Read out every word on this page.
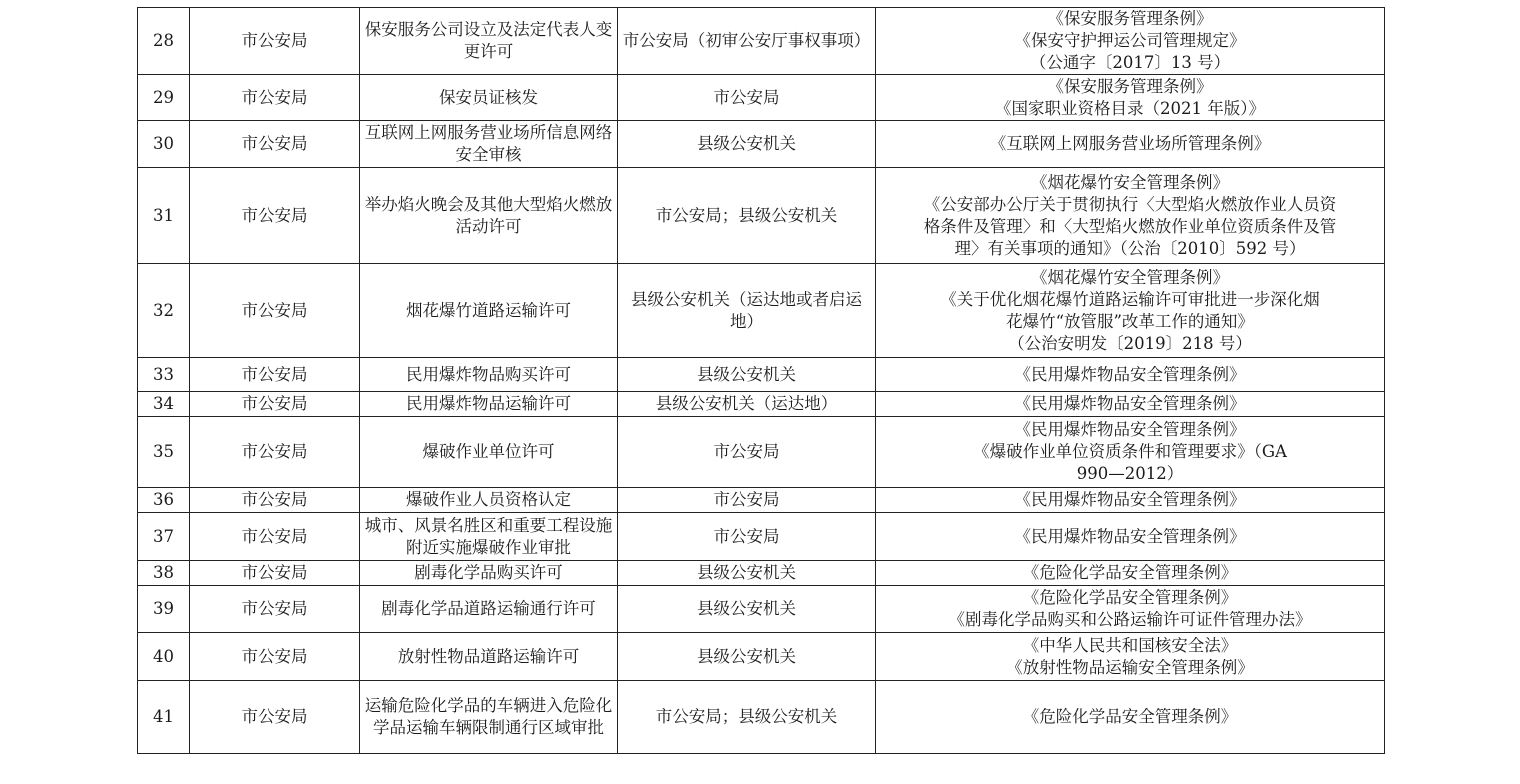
28	市公安局	保安服务公司设立及法定代表人变更许可	市公安局（初审公安厅事权事项）	《保安服务管理条例》
《保安守护押运公司管理规定》
（公通字〔2017〕13 号）

29	市公安局	保安员证核发	市公安局	《保安服务管理条例》
《国家职业资格目录（2021 年版）》

30	市公安局	互联网上网服务营业场所信息网络安全审核	县级公安机关	《互联网上网服务营业场所管理条例》

31	市公安局	举办焰火晚会及其他大型焰火燃放活动许可	市公安局；县级公安机关	《烟花爆竹安全管理条例》
《公安部办公厅关于贯彻执行〈大型焰火燃放作业人员资
格条件及管理〉和〈大型焰火燃放作业单位资质条件及管
理〉有关事项的通知》（公治〔2010〕592 号）

32	市公安局	烟花爆竹道路运输许可	县级公安机关（运达地或者启运地）	《烟花爆竹安全管理条例》
《关于优化烟花爆竹道路运输许可审批进一步深化烟
花爆竹“放管服”改革工作的通知》
（公治安明发〔2019〕218 号）

33	市公安局	民用爆炸物品购买许可	县级公安机关	《民用爆炸物品安全管理条例》

34	市公安局	民用爆炸物品运输许可	县级公安机关（运达地）	《民用爆炸物品安全管理条例》

35	市公安局	爆破作业单位许可	市公安局	《民用爆炸物品安全管理条例》
《爆破作业单位资质条件和管理要求》（GA
990—2012）

36	市公安局	爆破作业人员资格认定	市公安局	《民用爆炸物品安全管理条例》

37	市公安局	城市、风景名胜区和重要工程设施附近实施爆破作业审批	市公安局	《民用爆炸物品安全管理条例》

38	市公安局	剧毒化学品购买许可	县级公安机关	《危险化学品安全管理条例》

39	市公安局	剧毒化学品道路运输通行许可	县级公安机关	《危险化学品安全管理条例》
《剧毒化学品购买和公路运输许可证件管理办法》

40	市公安局	放射性物品道路运输许可	县级公安机关	《中华人民共和国核安全法》
《放射性物品运输安全管理条例》

41	市公安局	运输危险化学品的车辆进入危险化学品运输车辆限制通行区域审批	市公安局；县级公安机关	《危险化学品安全管理条例》
